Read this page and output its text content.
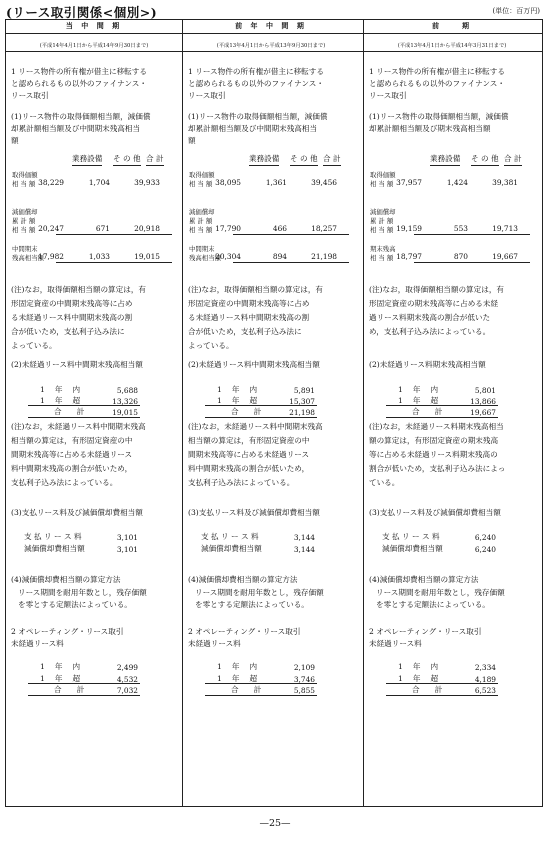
(リース取引関係<個別>)	(単位：百万円)
当 中 間 期
(平成14年4月1日から平成14年9月30日まで)
1 リース物件の所有権が借主に移転する
と認められるもの以外のファイナンス・
リース取引
(1)リース物件の取得価額相当額，減価償
却累計額相当額及び中間期末残高相当
額
業務設備 そ の 他 合 計
取得価額
相 当 額 38,229	1,704	39,933
減価償却
累 計 額
相 当 額 20,247	671	20,918
中間期末
残高相当額
17,982	1,033	19,015
(注)なお，取得価額相当額の算定は，有
形固定資産の中間期末残高等に占め
る未経過リース料中間期末残高の割
合が低いため，支払利子込み法に
よっている。
(2)未経過リース料中間期末残高相当額
1　 年　 内	5,688
1　 年　 超	13,326
合　　計	19,015
(注)なお，未経過リース料中間期末残高
相当額の算定は，有形固定資産の中
間期末残高等に占める未経過リース
料中間期末残高の割合が低いため，
支払利子込み法によっている。
(3)支払リース料及び減価償却費相当額
支 払 リ ー ス 料	3,101
減価償却費相当額	3,101
(4)減価償却費相当額の算定方法
リース期間を耐用年数とし，残存価額
を零とする定額法によっている。
2 オペレーティング・リース取引
未経過リース料
1　 年　 内	2,499
1　 年　 超	4,532
合　　計	7,032
前 年 中 間 期
(平成13年4月1日から平成13年9月30日まで)
1 リース物件の所有権が借主に移転する
と認められるもの以外のファイナンス・
リース取引
(1)リース物件の取得価額相当額，減価償
却累計額相当額及び中間期末残高相当
額
業務設備 そ の 他 合 計
取得価額
相 当 額 38,095	1,361	39,456
減価償却
累 計 額
相 当 額 17,790	466	18,257
中間期末
残高相当額
20,304	894	21,198
(注)なお，取得価額相当額の算定は，有
形固定資産の中間期末残高等に占め
る未経過リース料中間期末残高の割
合が低いため，支払利子込み法に
よっている。
(2)未経過リース料中間期末残高相当額
1　 年　 内	5,891
1　 年　 超	15,307
合　　計	21,198
(注)なお，未経過リース料中間期末残高
相当額の算定は，有形固定資産の中
間期末残高等に占める未経過リース
料中間期末残高の割合が低いため，
支払利子込み法によっている。
(3)支払リース料及び減価償却費相当額
支 払 リ ー ス 料	3,144
減価償却費相当額	3,144
(4)減価償却費相当額の算定方法
リース期間を耐用年数とし，残存価額
を零とする定額法によっている。
2 オペレーティング・リース取引
未経過リース料
1　 年　 内	2,109
1　 年　 超	3,746
合　　計	5,855
前　　期
(平成13年4月1日から平成14年3月31日まで)
1 リース物件の所有権が借主に移転する
と認められるもの以外のファイナンス・
リース取引
(1)リース物件の取得価額相当額，減価償
却累計額相当額及び期末残高相当額
業務設備 そ の 他 合 計
取得価額
相 当 額 37,957	1,424	39,381
減価償却
累 計 額
相 当 額 19,159	553	19,713
期末残高
相 当 額 18,797	870	19,667
(注)なお，取得価額相当額の算定は，有
形固定資産の期末残高等に占める未経
過リース料期末残高の割合が低いた
め，支払利子込み法によっている。
(2)未経過リース料期末残高相当額
1　 年　 内	5,801
1　 年　 超	13,866
合　　計	19,667
(注)なお，未経過リース料期末残高相当
額の算定は，有形固定資産の期末残高
等に占める未経過リース料期末残高の
割合が低いため，支払利子込み法によっ
ている。
(3)支払リース料及び減価償却費相当額
支 払 リ ー ス 料	6,240
減価償却費相当額	6,240
(4)減価償却費相当額の算定方法
リース期間を耐用年数とし，残存価額
を零とする定額法によっている。
2 オペレーティング・リース取引
未経過リース料
1　 年　 内	2,334
1　 年　 超	4,189
合　　計	6,523
—25—
